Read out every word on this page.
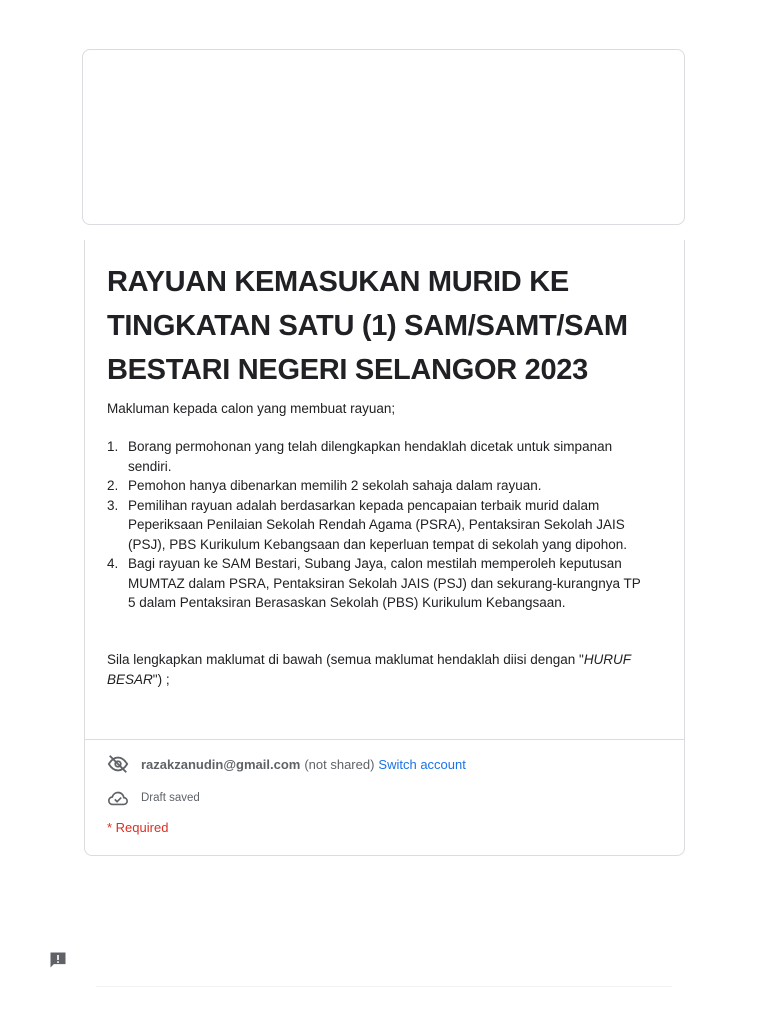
RAYUAN KEMASUKAN MURID KE TINGKATAN SATU (1) SAM/SAMT/SAM BESTARI NEGERI SELANGOR 2023
Makluman kepada calon yang membuat rayuan;
1. Borang permohonan yang telah dilengkapkan hendaklah dicetak untuk simpanan sendiri.
2. Pemohon hanya dibenarkan memilih 2 sekolah sahaja dalam rayuan.
3. Pemilihan rayuan adalah berdasarkan kepada pencapaian terbaik murid dalam Peperiksaan Penilaian Sekolah Rendah Agama (PSRA), Pentaksiran Sekolah JAIS (PSJ), PBS Kurikulum Kebangsaan dan keperluan tempat di sekolah yang dipohon.
4. Bagi rayuan ke SAM Bestari, Subang Jaya, calon mestilah memperoleh keputusan MUMTAZ dalam PSRA, Pentaksiran Sekolah JAIS (PSJ) dan sekurang-kurangnya TP 5 dalam Pentaksiran Berasaskan Sekolah (PBS) Kurikulum Kebangsaan.
Sila lengkapkan maklumat di bawah (semua maklumat hendaklah diisi dengan "HURUF BESAR") ;
razakzanudin@gmail.com (not shared) Switch account
Draft saved
* Required
